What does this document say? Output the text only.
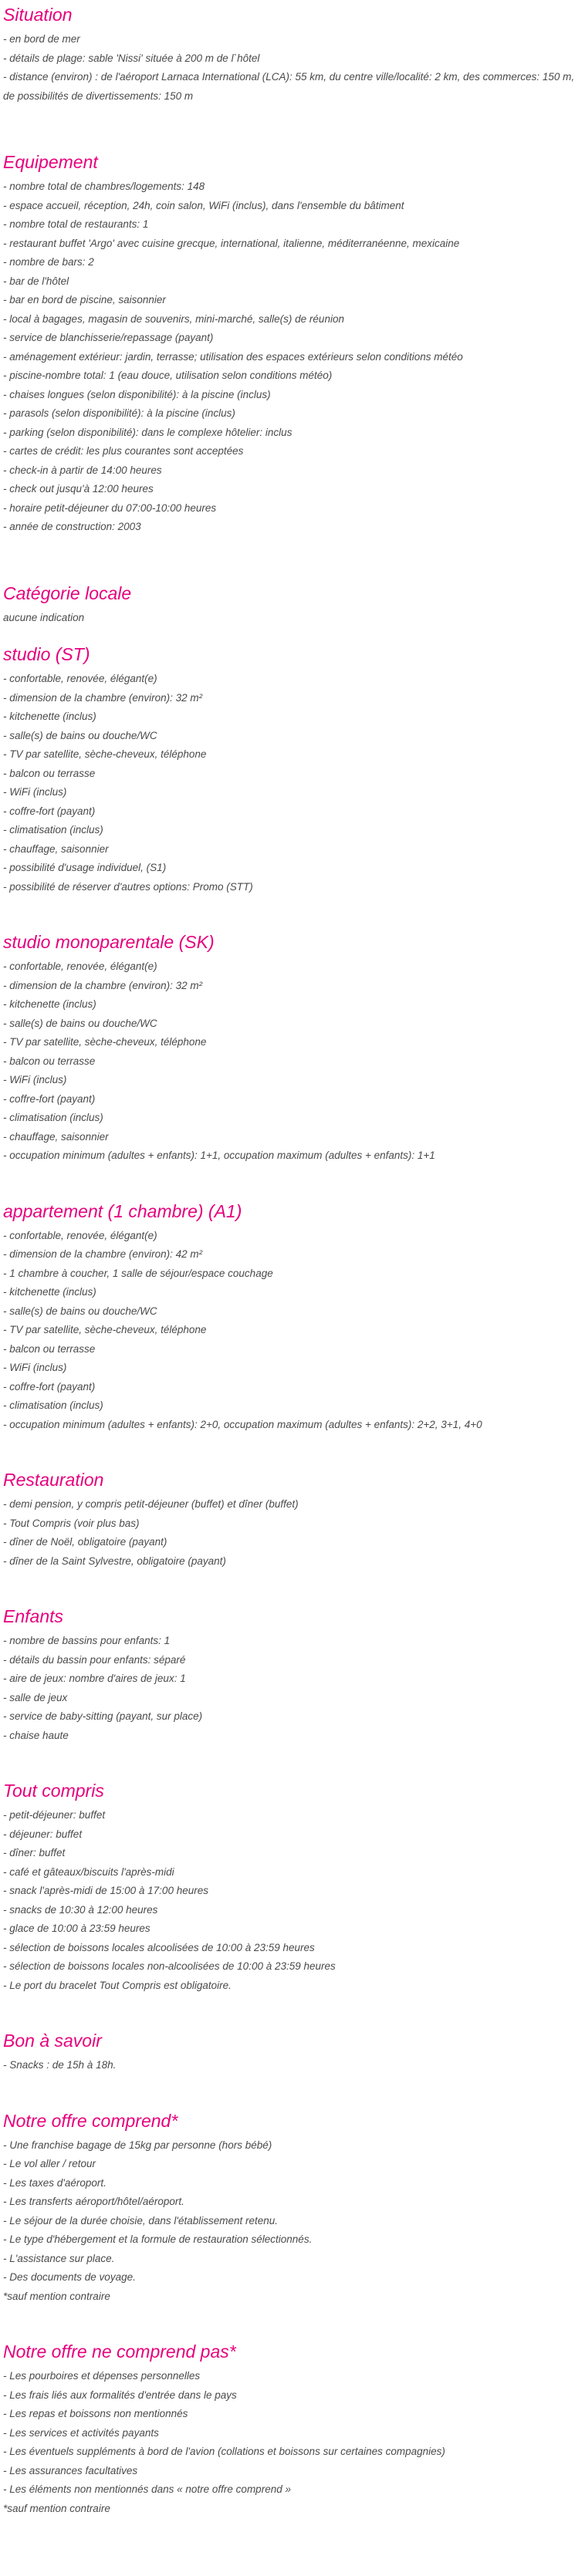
Situation
- en bord de mer
- détails de plage: sable 'Nissi' située à 200 m de l`hôtel
- distance (environ) : de l'aéroport Larnaca International (LCA): 55 km, du centre ville/localité: 2 km, des commerces: 150 m, de possibilités de divertissements: 150 m
Equipement
- nombre total de chambres/logements: 148
- espace accueil, réception, 24h, coin salon, WiFi (inclus), dans l'ensemble du bâtiment
- nombre total de restaurants: 1
- restaurant buffet 'Argo' avec cuisine grecque, international, italienne, méditerranéenne, mexicaine
- nombre de bars: 2
- bar de l'hôtel
- bar en bord de piscine, saisonnier
- local à bagages, magasin de souvenirs, mini-marché, salle(s) de réunion
- service de blanchisserie/repassage (payant)
- aménagement extérieur: jardin, terrasse; utilisation des espaces extérieurs selon conditions météo
- piscine-nombre total: 1 (eau douce, utilisation selon conditions météo)
- chaises longues (selon disponibilité): à la piscine (inclus)
- parasols (selon disponibilité): à la piscine (inclus)
- parking (selon disponibilité): dans le complexe hôtelier: inclus
- cartes de crédit: les plus courantes sont acceptées
- check-in à partir de 14:00 heures
- check out jusqu'à 12:00 heures
- horaire petit-déjeuner du 07:00-10:00 heures
- année de construction: 2003
Catégorie locale
aucune indication
studio (ST)
- confortable, renovée, élégant(e)
- dimension de la chambre (environ): 32 m²
- kitchenette (inclus)
- salle(s) de bains ou douche/WC
- TV par satellite, sèche-cheveux, téléphone
- balcon ou terrasse
- WiFi (inclus)
- coffre-fort (payant)
- climatisation (inclus)
- chauffage, saisonnier
- possibilité d'usage individuel, (S1)
- possibilité de réserver d'autres options: Promo (STT)
studio monoparentale (SK)
- confortable, renovée, élégant(e)
- dimension de la chambre (environ): 32 m²
- kitchenette (inclus)
- salle(s) de bains ou douche/WC
- TV par satellite, sèche-cheveux, téléphone
- balcon ou terrasse
- WiFi (inclus)
- coffre-fort (payant)
- climatisation (inclus)
- chauffage, saisonnier
- occupation minimum (adultes + enfants): 1+1, occupation maximum (adultes + enfants): 1+1
appartement (1 chambre) (A1)
- confortable, renovée, élégant(e)
- dimension de la chambre (environ): 42 m²
- 1 chambre à coucher, 1 salle de séjour/espace couchage
- kitchenette (inclus)
- salle(s) de bains ou douche/WC
- TV par satellite, sèche-cheveux, téléphone
- balcon ou terrasse
- WiFi (inclus)
- coffre-fort (payant)
- climatisation (inclus)
- occupation minimum (adultes + enfants): 2+0, occupation maximum (adultes + enfants): 2+2, 3+1, 4+0
Restauration
- demi pension, y compris petit-déjeuner (buffet) et dîner (buffet)
- Tout Compris (voir plus bas)
- dîner de Noël, obligatoire (payant)
- dîner de la Saint Sylvestre, obligatoire (payant)
Enfants
- nombre de bassins pour enfants: 1
- détails du bassin pour enfants: séparé
- aire de jeux: nombre d'aires de jeux: 1
- salle de jeux
- service de baby-sitting (payant, sur place)
- chaise haute
Tout compris
- petit-déjeuner: buffet
- déjeuner: buffet
- dîner: buffet
- café et gâteaux/biscuits l'après-midi
- snack l'après-midi de 15:00 à 17:00 heures
- snacks de 10:30 à 12:00 heures
- glace de 10:00 à 23:59 heures
- sélection de boissons locales alcoolisées de 10:00 à 23:59 heures
- sélection de boissons locales non-alcoolisées de 10:00 à 23:59 heures
- Le port du bracelet Tout Compris est obligatoire.
Bon à savoir
- Snacks : de 15h à 18h.
Notre offre comprend*
- Une franchise bagage de 15kg par personne (hors bébé)
- Le vol aller / retour
- Les taxes d'aéroport.
- Les transferts aéroport/hôtel/aéroport.
- Le séjour de la durée choisie, dans l'établissement retenu.
- Le type d'hébergement et la formule de restauration sélectionnés.
- L'assistance sur place.
- Des documents de voyage.
*sauf mention contraire
Notre offre ne comprend pas*
- Les pourboires et dépenses personnelles
- Les frais liés aux formalités d'entrée dans le pays
- Les repas et boissons non mentionnés
- Les services et activités payants
- Les éventuels suppléments à bord de l'avion (collations et boissons sur certaines compagnies)
- Les assurances facultatives
- Les éléments non mentionnés dans « notre offre comprend »
*sauf mention contraire
